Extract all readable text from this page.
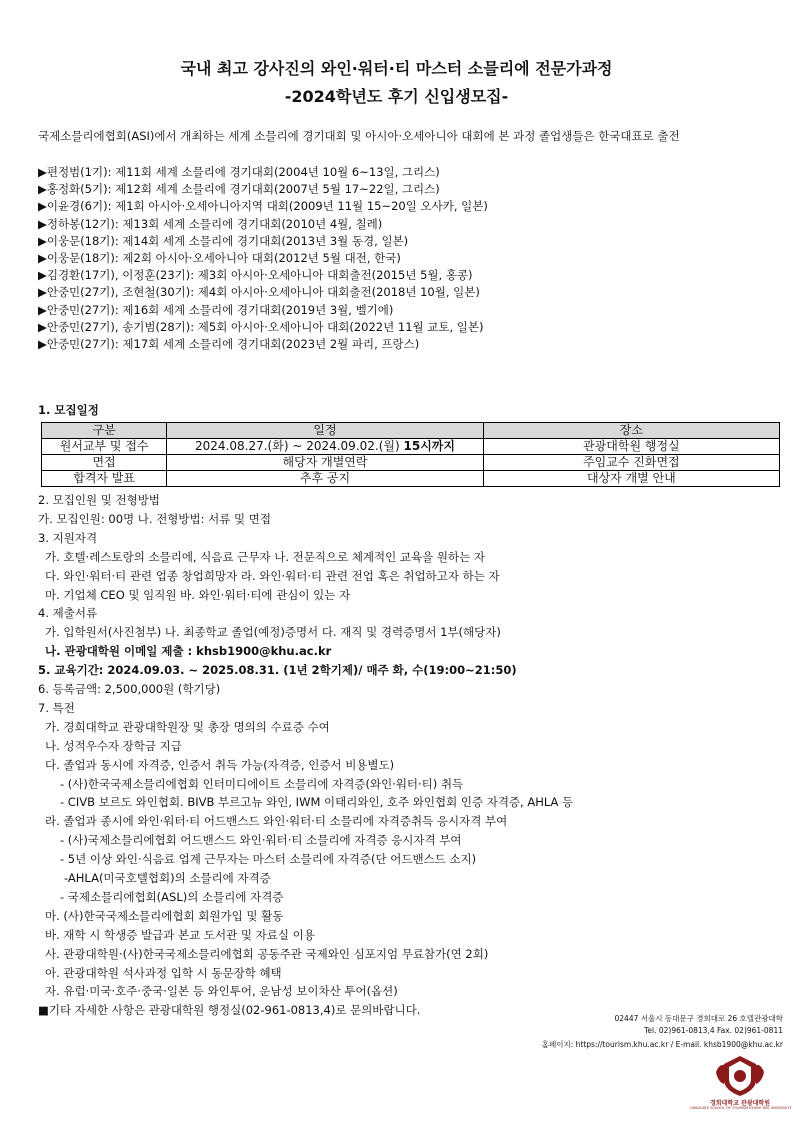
국내 최고 강사진의 와인·워터·티 마스터 소믈리에 전문가과정
-2024학년도 후기 신입생모집-
국제소믈리에협회(ASI)에서 개최하는 세계 소믈리에 경기대회 및 아시아·오세아니아 대회에 본 과정 졸업생들은 한국대표로 출전
▶편정범(1기): 제11회 세계 소믈리에 경기대회(2004년 10월 6~13일, 그리스)
▶홍정화(5기): 제12회 세계 소믈리에 경기대회(2007년 5월 17~22일, 그리스)
▶이윤경(6기): 제1회 아시아·오세아니아지역 대회(2009년 11월 15~20일 오사카, 일본)
▶정하봉(12기): 제13회 세계 소믈리에 경기대회(2010년 4월, 칠레)
▶이웅문(18기): 제14회 세계 소믈리에 경기대회(2013년 3월 동경, 일본)
▶이웅문(18기): 제2회 아시아·오세아니아 대회(2012년 5월 대전, 한국)
▶김경환(17기), 이정훈(23기): 제3회 아시아·오세아니아 대회출전(2015년 5월, 홍콩)
▶안중민(27기), 조현철(30기): 제4회 아시아·오세아니아 대회출전(2018년 10월, 일본)
▶안중민(27기): 제16회 세계 소믈리에 경기대회(2019년 3월, 벨기에)
▶안중민(27기), 송기범(28기): 제5회 아시아·오세아니아 대회(2022년 11월 교토, 일본)
▶안중민(27기): 제17회 세계 소믈리에 경기대회(2023년 2월 파리, 프랑스)
1. 모집일정
구분	일정	장소
원서교부 및 접수	2024.08.27.(화) ~ 2024.09.02.(월) 15시까지	관광대학원 행정실
면접	해당자 개별연락	주임교수 진화면접
합격자 발표	추후 공지	대상자 개별 안내
2. 모집인원 및 전형방법
가. 모집인원: 00명 나. 전형방법: 서류 및 면접
3. 지원자격
가. 호텔·레스토랑의 소믈리에, 식음료 근무자 나. 전문직으로 체계적인 교육을 원하는 자
다. 와인·워터·티 관련 업종 창업희망자 라. 와인·워터·티 관련 전업 혹은 취업하고자 하는 자
마. 기업체 CEO 및 임직원 바. 와인·워터·티에 관심이 있는 자
4. 제출서류
가. 입학원서(사진첨부) 나. 최종학교 졸업(예정)증명서 다. 재직 및 경력증명서 1부(해당자)
나. 관광대학원 이메일 제출 : khsb1900@khu.ac.kr
5. 교육기간: 2024.09.03. ~ 2025.08.31. (1년 2학기제)/ 매주 화, 수(19:00~21:50)
6. 등록금액: 2,500,000원 (학기당)
7. 특전
가. 경희대학교 관광대학원장 및 총장 명의의 수료증 수여
나. 성적우수자 장학금 지급
다. 졸업과 동시에 자격증, 인증서 취득 가능(자격증, 인증서 비용별도)
- (사)한국국제소믈리에협회 인터미디에이트 소믈리에 자격증(와인·워터·티) 취득
- CIVB 보르도 와인협회. BIVB 부르고뉴 와인, IWM 이태리와인, 호주 와인협회 인증 자격증, AHLA 등
라. 졸업과 종시에 와인·워터·티 어드밴스드 와인·워터·티 소믈리에 자격증취득 응시자격 부여
- (사)국제소믈리에협회 어드밴스드 와인·워터·티 소믈리에 자격증 응시자격 부여
- 5년 이상 와인·식음료 업계 근무자는 마스터 소믈리에 자격증(단 어드밴스드 소지)
-AHLA(미국호텔협회)의 소믈리에 자격증
- 국제소믈리에협회(ASL)의 소믈리에 자격증
마. (사)한국국제소믈리에협회 회원가입 및 활동
바. 재학 시 학생증 발급과 본교 도서관 및 자료실 이용
사. 관광대학원·(사)한국국제소믈리에협회 공동주관 국제와인 심포지엄 무료참가(연 2회)
아. 관광대학원 석사과정 입학 시 동문장학 혜택
자. 유럽·미국·호주·중국·일본 등 와인투어, 운남성 보이차산 투어(옵션)
■기타 자세한 사항은 관광대학원 행정실(02-961-0813,4)로 문의바랍니다.
02447 서울시 동대문구 경희대로 26 호텔관광대학
Tel. 02)961-0813,4 Fax. 02)961-0811
홈페이지: https://tourism.khu.ac.kr / E-mail. khsb1900@khu.ac.kr
경희대학교 관광대학원
GRADUATE SCHOOL OF TOURISM KYUNG HEE UNIVERSITY
